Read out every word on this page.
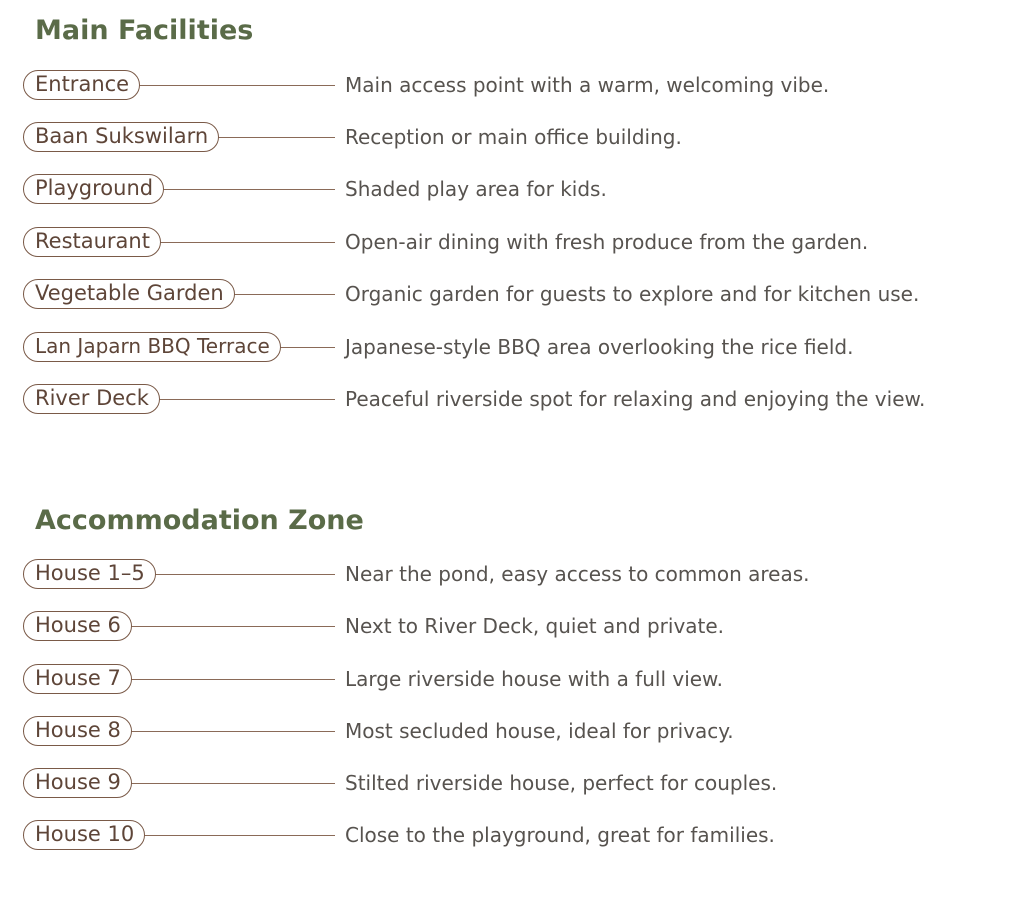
Main Facilities
Entrance	Main access point with a warm, welcoming vibe.
Baan Sukswilarn	Reception or main office building.
Playground	Shaded play area for kids.
Restaurant	Open-air dining with fresh produce from the garden.
Vegetable Garden	Organic garden for guests to explore and for kitchen use.
Lan Japarn BBQ Terrace	Japanese-style BBQ area overlooking the rice field.
River Deck	Peaceful riverside spot for relaxing and enjoying the view.
Accommodation Zone
House 1–5	Near the pond, easy access to common areas.
House 6	Next to River Deck, quiet and private.
House 7	Large riverside house with a full view.
House 8	Most secluded house, ideal for privacy.
House 9	Stilted riverside house, perfect for couples.
House 10	Close to the playground, great for families.
